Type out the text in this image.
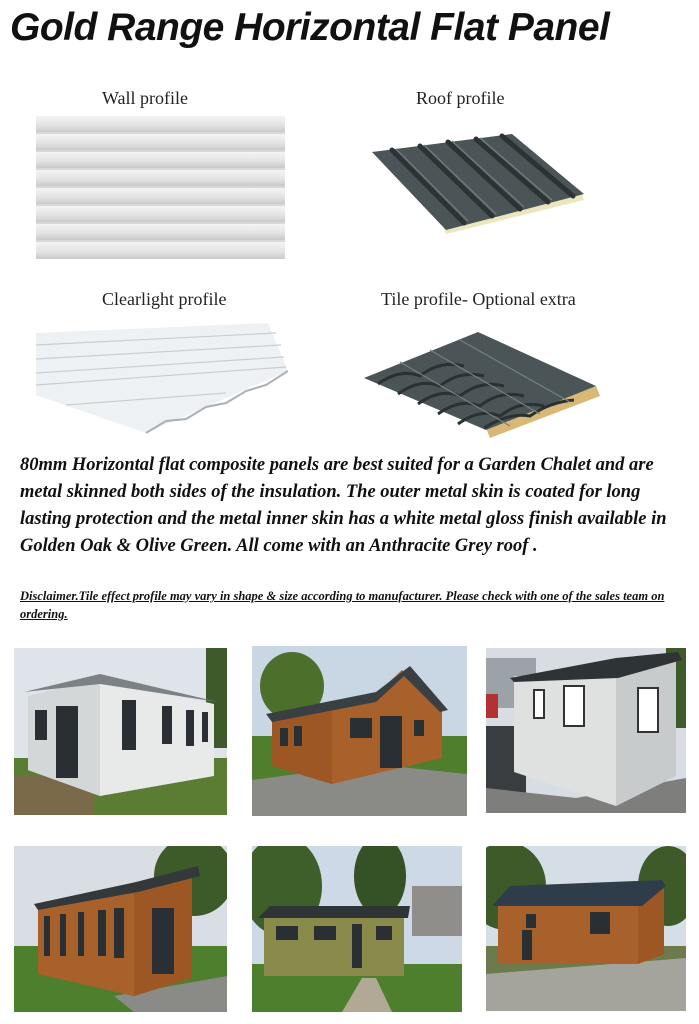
Gold Range Horizontal Flat Panel
Wall profile	Roof profile
Clearlight profile	Tile profile- Optional extra

80mm Horizontal flat composite panels are best suited for a Garden Chalet and are metal skinned both sides of the insulation. The outer metal skin is coated for long lasting protection and the metal inner skin has a white metal gloss finish available in Golden Oak & Olive Green. All come with an Anthracite Grey roof .

Disclaimer.Tile effect profile may vary in shape & size according to manufacturer. Please check with one of the sales team on ordering.
